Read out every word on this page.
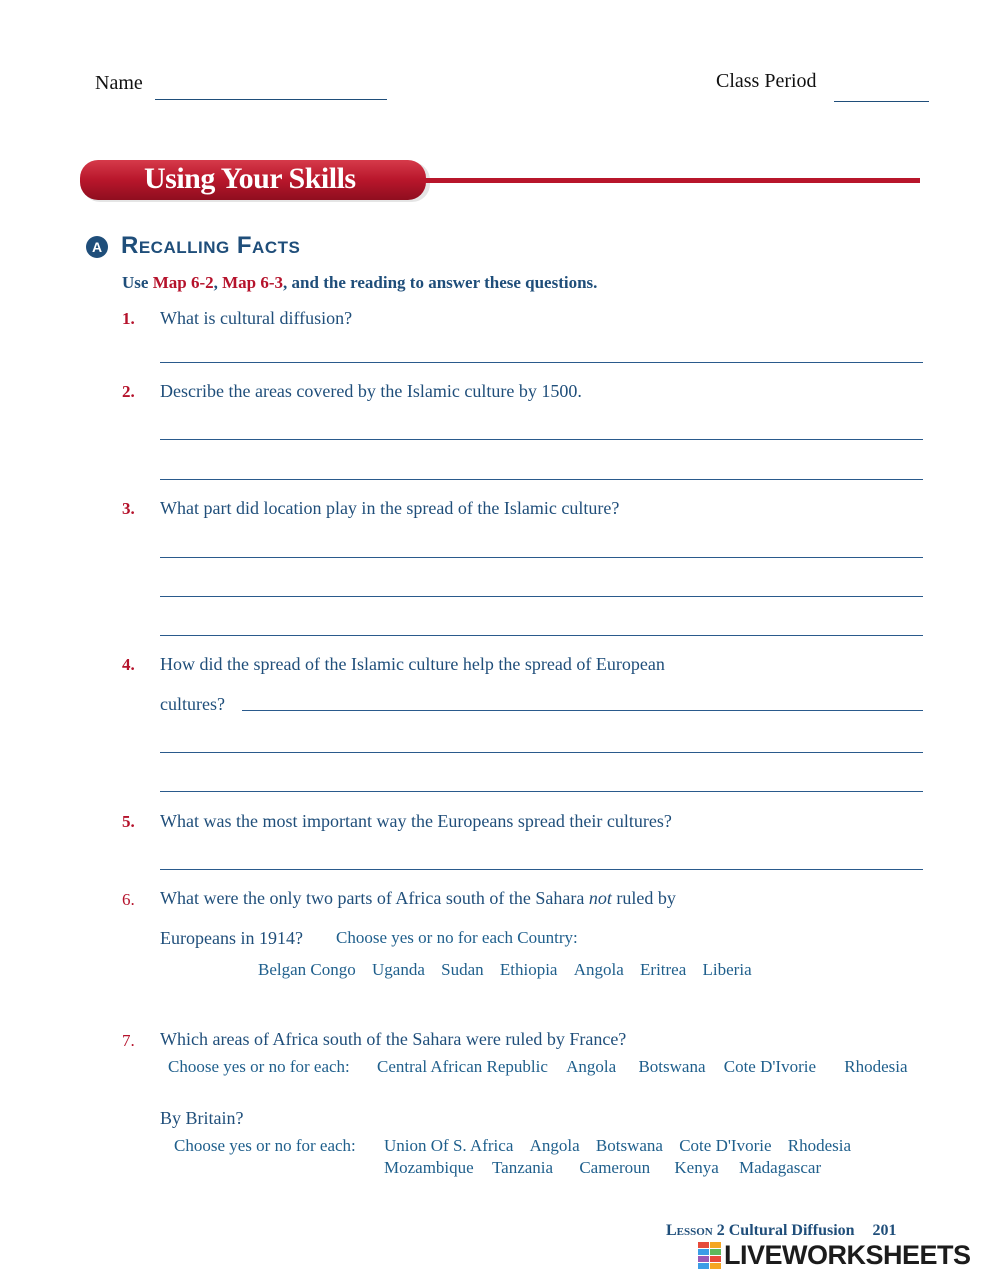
Name	Class Period
Using Your Skills
A Recalling Facts
Use Map 6-2, Map 6-3, and the reading to answer these questions.
1. What is cultural diffusion?
2. Describe the areas covered by the Islamic culture by 1500.
3. What part did location play in the spread of the Islamic culture?
4. How did the spread of the Islamic culture help the spread of European
cultures?
5. What was the most important way the Europeans spread their cultures?
6. What were the only two parts of Africa south of the Sahara not ruled by
Europeans in 1914? Choose yes or no for each Country:
Belgan Congo Uganda Sudan Ethiopia Angola Eritrea Liberia
7. Which areas of Africa south of the Sahara were ruled by France?
Choose yes or no for each: Central African Republic Angola Botswana Cote D'Ivorie Rhodesia
By Britain?
Choose yes or no for each: Union Of S. Africa Angola Botswana Cote D'Ivorie Rhodesia
Mozambique Tanzania Cameroun Kenya Madagascar
Lesson 2 Cultural Diffusion 201
LIVEWORKSHEETS
